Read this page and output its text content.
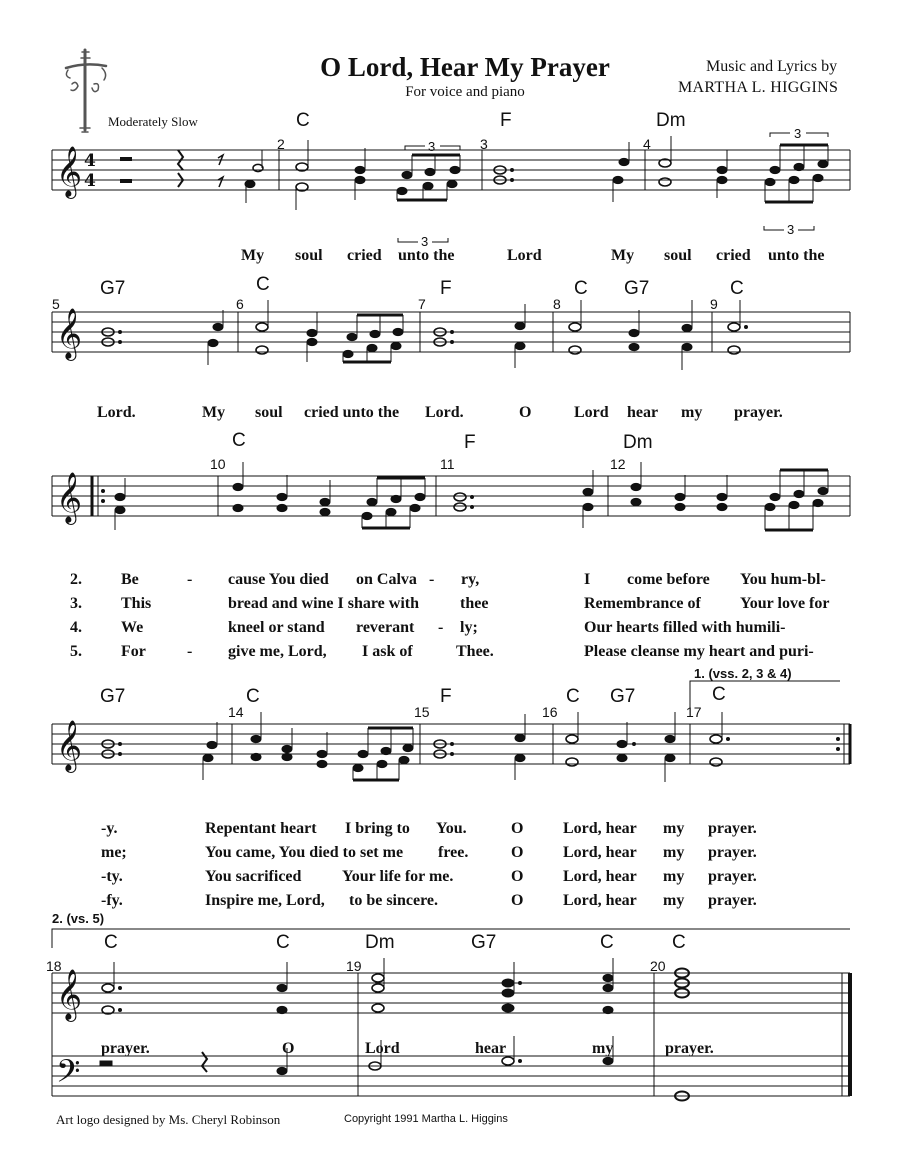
O Lord, Hear My Prayer
For voice and piano
Music and Lyrics by
MARTHA L. HIGGINS
Moderately Slow
𝄞 4
4
3
3
3
3
𝄞
𝄞
𝄞
𝄞
𝄢
C	F	Dm
2	3	4
My soul cried unto the	Lord	My soul cried unto the
G7	C	F	C G7	C
5	6	7	8	9
Lord.	My soul cried unto the Lord.	O	Lord hear my prayer.
C	F	Dm
10	11	12
2. Be	- cause You died on Calva - ry,	I come before You hum-bl-
3. This	bread and wine I share with	thee	Remembrance of Your love for
4. We	kneel or stand reverant - ly;	Our hearts filled with humili-
5. For	- give me, Lord, I ask of	Thee.	Please cleanse my heart and puri-
1. (vss. 2, 3 & 4)
G7	C	F	C G7	C
14	15	16	17
-y.	Repentant heart I bring to You.	O Lord, hear my prayer.
me;	You came, You died to set me free.	O Lord, hear my prayer.
-ty.	You sacrificed	Your life for me.	O Lord, hear my prayer.
-fy.	Inspire me, Lord, to be sincere.	O Lord, hear my prayer.
2. (vs. 5)
C	C	Dm	G7	C	C
18	19	20
prayer.	O	Lord	hear	my	prayer.
Art logo designed by Ms. Cheryl Robinson	Copyright 1991 Martha L. Higgins
